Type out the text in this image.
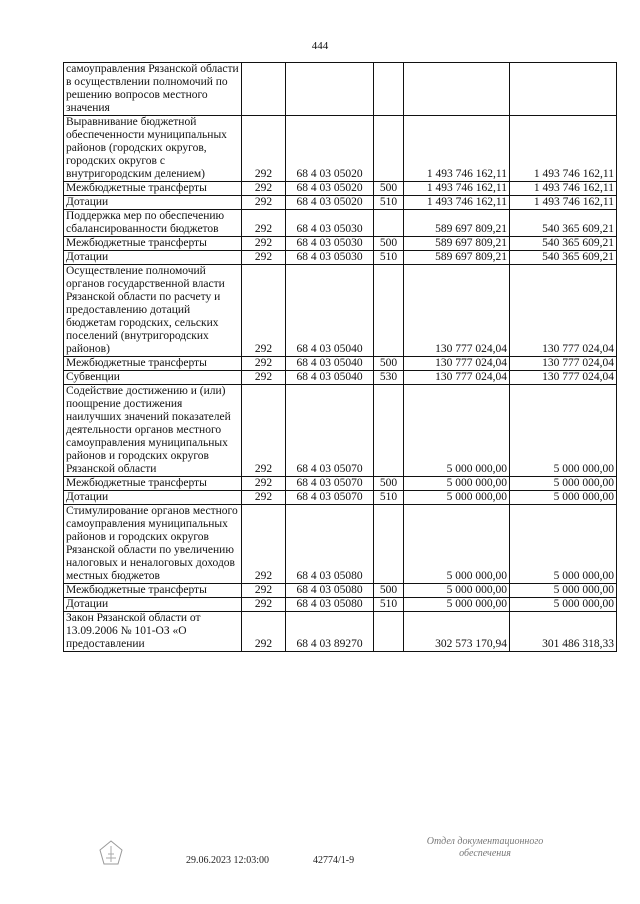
444
самоуправления Рязанской области в осуществлении полномочий по решению вопросов местного значения					
Выравнивание бюджетной обеспеченности муниципальных районов (городских округов, городских округов с внутригородским делением)	292	68 4 03 05020		1 493 746 162,11	1 493 746 162,11
Межбюджетные трансферты	292	68 4 03 05020	500	1 493 746 162,11	1 493 746 162,11
Дотации	292	68 4 03 05020	510	1 493 746 162,11	1 493 746 162,11
Поддержка мер по обеспечению сбалансированности бюджетов	292	68 4 03 05030		589 697 809,21	540 365 609,21
Межбюджетные трансферты	292	68 4 03 05030	500	589 697 809,21	540 365 609,21
Дотации	292	68 4 03 05030	510	589 697 809,21	540 365 609,21
Осуществление полномочий органов государственной власти Рязанской области по расчету и предоставлению дотаций бюджетам городских, сельских поселений (внутригородских районов)	292	68 4 03 05040		130 777 024,04	130 777 024,04
Межбюджетные трансферты	292	68 4 03 05040	500	130 777 024,04	130 777 024,04
Субвенции	292	68 4 03 05040	530	130 777 024,04	130 777 024,04
Содействие достижению и (или) поощрение достижения наилучших значений показателей деятельности органов местного самоуправления муниципальных районов и городских округов Рязанской области	292	68 4 03 05070		5 000 000,00	5 000 000,00
Межбюджетные трансферты	292	68 4 03 05070	500	5 000 000,00	5 000 000,00
Дотации	292	68 4 03 05070	510	5 000 000,00	5 000 000,00
Стимулирование органов местного самоуправления муниципальных районов и городских округов Рязанской области по увеличению налоговых и неналоговых доходов местных бюджетов	292	68 4 03 05080		5 000 000,00	5 000 000,00
Межбюджетные трансферты	292	68 4 03 05080	500	5 000 000,00	5 000 000,00
Дотации	292	68 4 03 05080	510	5 000 000,00	5 000 000,00
Закон Рязанской области от 13.09.2006 № 101-ОЗ «О предоставлении	292	68 4 03 89270		302 573 170,94	301 486 318,33
29.06.2023 12:03:00	42774/1-9
Отдел документационного
обеспечения
